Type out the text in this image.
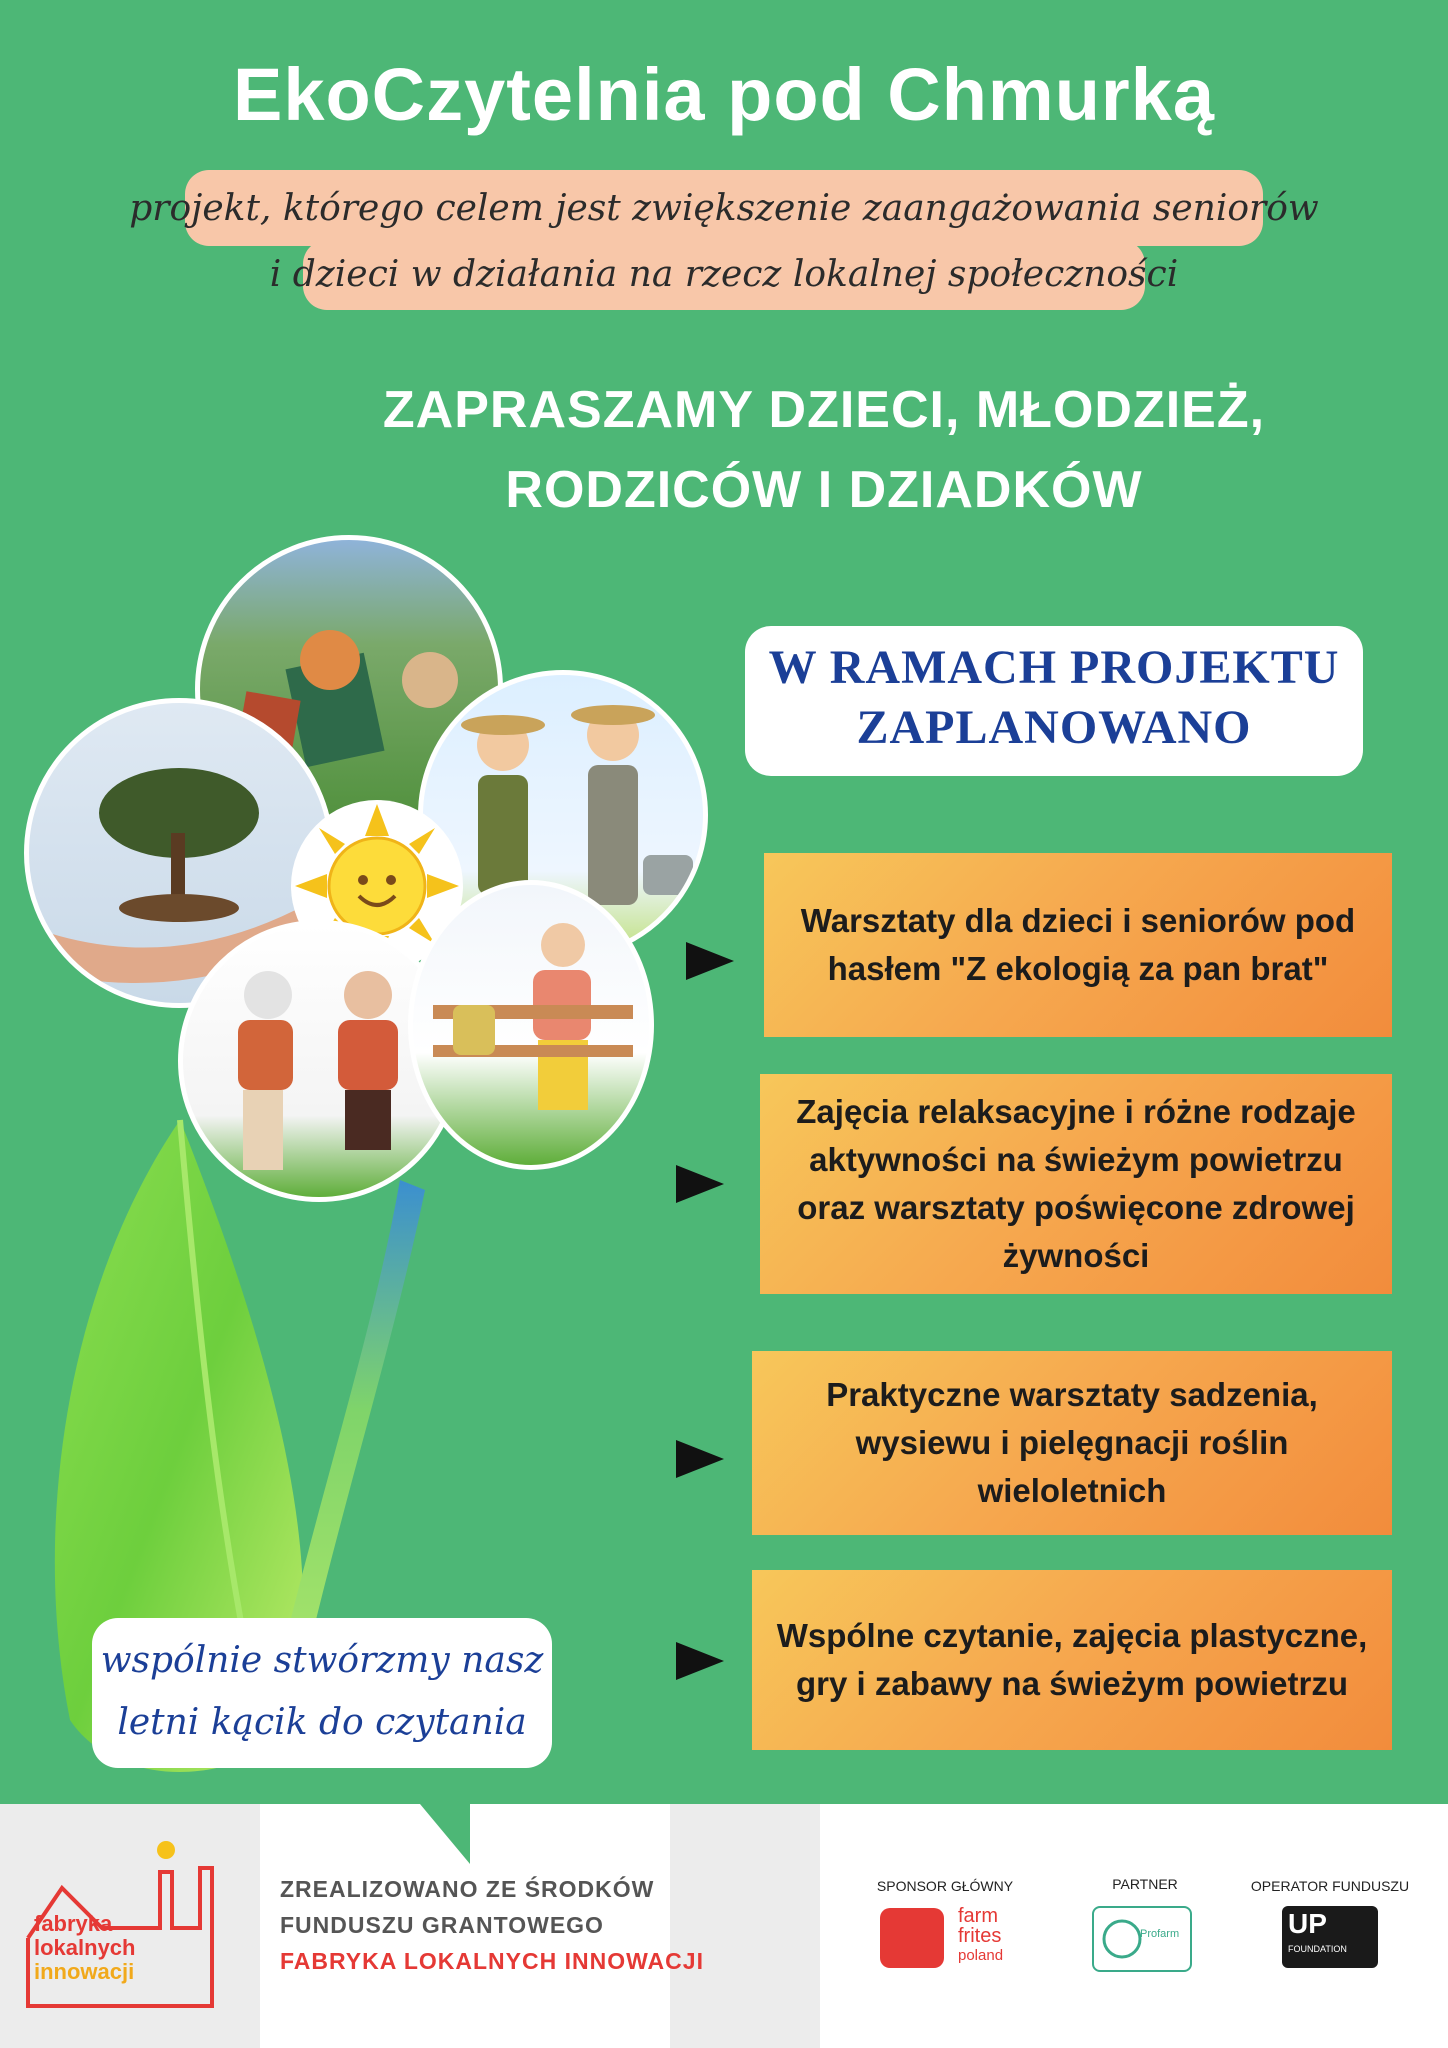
EkoCzytelnia pod Chmurką
projekt, którego celem jest zwiększenie zaangażowania seniorów
i dzieci w działania na rzecz lokalnej społeczności
ZAPRASZAMY DZIECI, MŁODZIEŻ,
RODZICÓW I DZIADKÓW
W RAMACH PROJEKTU
ZAPLANOWANO
Warsztaty dla dzieci i seniorów pod hasłem "Z ekologią za pan brat"
Zajęcia relaksacyjne i różne rodzaje aktywności na świeżym powietrzu oraz warsztaty poświęcone zdrowej żywności
Praktyczne warsztaty sadzenia, wysiewu i pielęgnacji roślin wieloletnich
Wspólne czytanie, zajęcia plastyczne, gry i zabawy na świeżym powietrzu
wspólnie stwórzmy nasz
letni kącik do czytania
fabryka
lokalnych
innowacji
ZREALIZOWANO ZE ŚRODKÓW
FUNDUSZU GRANTOWEGO
FABRYKA LOKALNYCH INNOWACJI
SPONSOR GŁÓWNY
farm
frites
poland
PARTNER
Profarm
OPERATOR FUNDUSZU
UP
FOUNDATION
